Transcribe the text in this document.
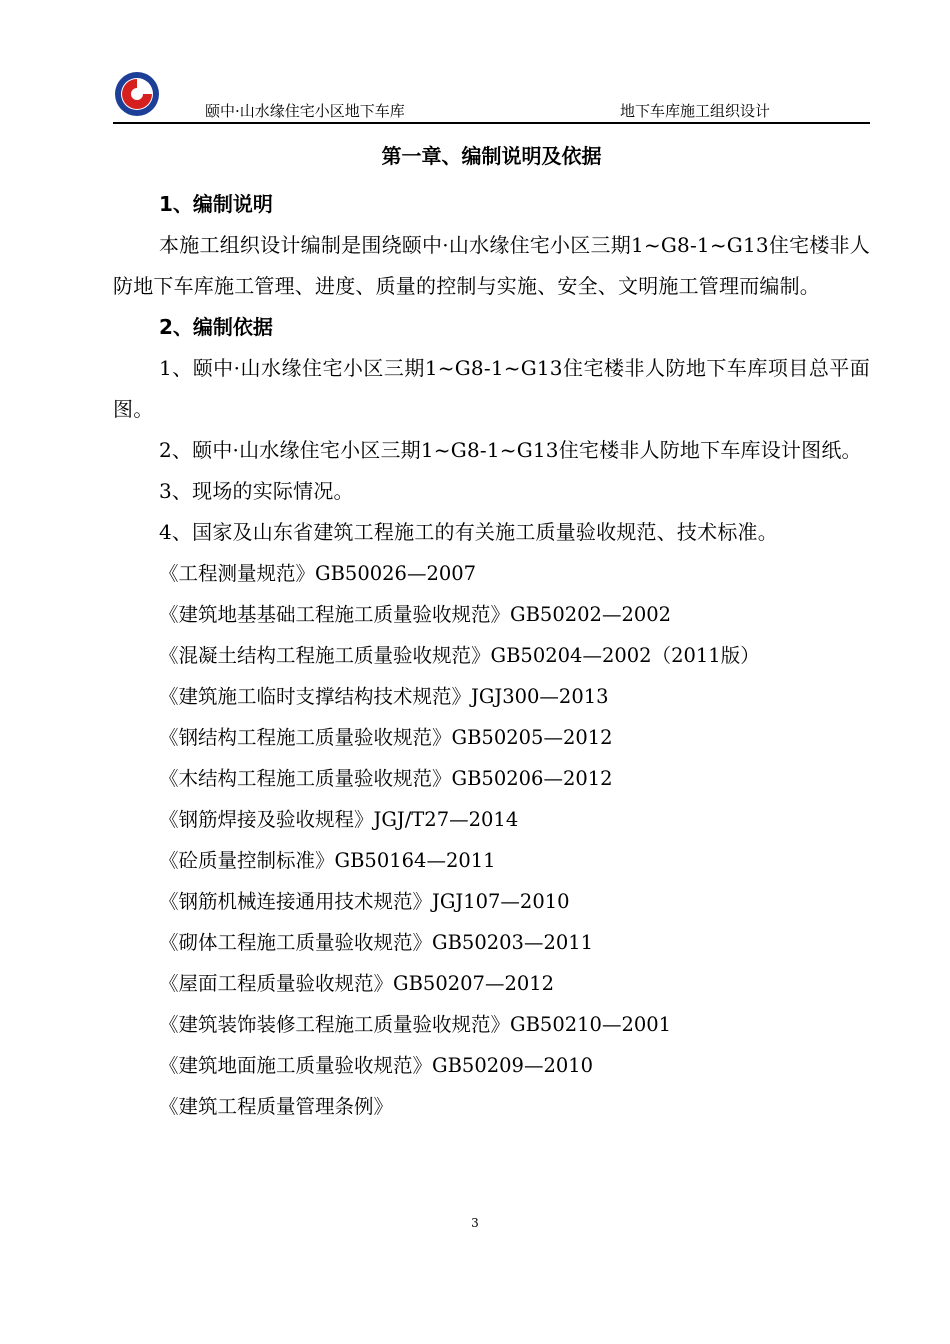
颐中·山水缘住宅小区地下车库	地下车库施工组织设计
第一章、编制说明及依据

1、编制说明

本施工组织设计编制是围绕颐中·山水缘住宅小区三期1~G8-1~G13住宅楼非人防地下车库施工管理、进度、质量的控制与实施、安全、文明施工管理而编制。

2、编制依据

1、颐中·山水缘住宅小区三期1~G8-1~G13住宅楼非人防地下车库项目总平面图。

2、颐中·山水缘住宅小区三期1~G8-1~G13住宅楼非人防地下车库设计图纸。

3、现场的实际情况。

4、国家及山东省建筑工程施工的有关施工质量验收规范、技术标准。

《工程测量规范》GB50026—2007

《建筑地基基础工程施工质量验收规范》GB50202—2002

《混凝土结构工程施工质量验收规范》GB50204—2002（2011版）

《建筑施工临时支撑结构技术规范》JGJ300—2013

《钢结构工程施工质量验收规范》GB50205—2012

《木结构工程施工质量验收规范》GB50206—2012

《钢筋焊接及验收规程》JGJ/T27—2014

《砼质量控制标准》GB50164—2011

《钢筋机械连接通用技术规范》JGJ107—2010

《砌体工程施工质量验收规范》GB50203—2011

《屋面工程质量验收规范》GB50207—2012

《建筑装饰装修工程施工质量验收规范》GB50210—2001

《建筑地面施工质量验收规范》GB50209—2010

《建筑工程质量管理条例》

3
